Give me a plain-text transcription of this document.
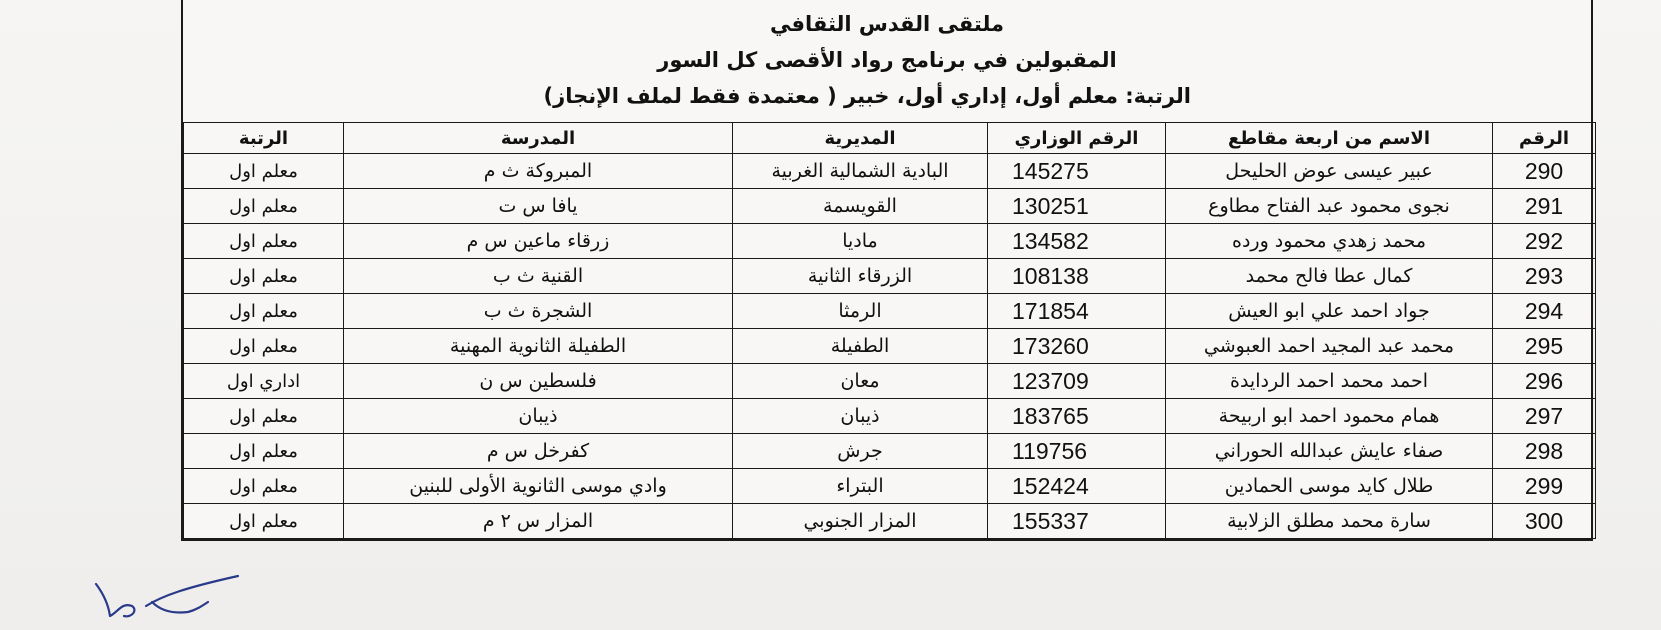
ملتقى القدس الثقافي
المقبولين في برنامج رواد الأقصى كل السور
الرتبة: معلم أول، إداري أول، خبير ( معتمدة فقط لملف الإنجاز)
الرقم	الاسم من اربعة مقاطع	الرقم الوزاري	المديرية	المدرسة	الرتبة
290	عبير عيسى عوض الحليحل	145275	البادية الشمالية الغربية	المبروكة ث م	معلم اول
291	نجوى محمود عبد الفتاح مطاوع	130251	القويسمة	يافا س ت	معلم اول
292	محمد زهدي محمود ورده	134582	ماديا	زرقاء ماعين س م	معلم اول
293	كمال عطا فالح محمد	108138	الزرقاء الثانية	القنية ث ب	معلم اول
294	جواد احمد علي ابو العيش	171854	الرمثا	الشجرة ث ب	معلم اول
295	محمد عبد المجيد احمد العبوشي	173260	الطفيلة	الطفيلة الثانوية المهنية	معلم اول
296	احمد محمد احمد الردايدة	123709	معان	فلسطين س ن	اداري اول
297	همام محمود احمد ابو اربيحة	183765	ذيبان	ذيبان	معلم اول
298	صفاء عايش عبدالله الحوراني	119756	جرش	كفرخل س م	معلم اول
299	طلال كايد موسى الحمادين	152424	البتراء	وادي موسى الثانوية الأولى للبنين	معلم اول
300	سارة محمد مطلق الزلابية	155337	المزار الجنوبي	المزار س ٢ م	معلم اول
